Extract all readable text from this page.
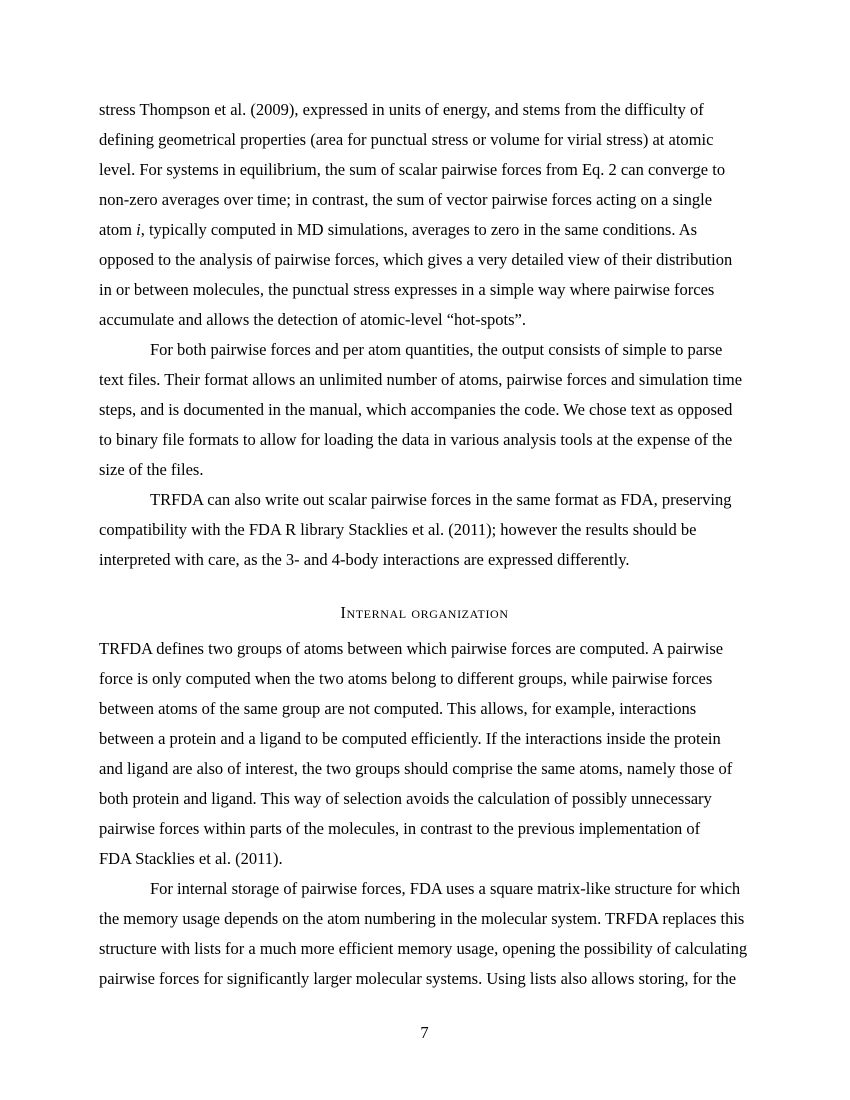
stress Thompson et al. (2009), expressed in units of energy, and stems from the difficulty of
defining geometrical properties (area for punctual stress or volume for virial stress) at atomic
level. For systems in equilibrium, the sum of scalar pairwise forces from Eq. 2 can converge to
non-zero averages over time; in contrast, the sum of vector pairwise forces acting on a single
atom i, typically computed in MD simulations, averages to zero in the same conditions. As
opposed to the analysis of pairwise forces, which gives a very detailed view of their distribution
in or between molecules, the punctual stress expresses in a simple way where pairwise forces
accumulate and allows the detection of atomic-level “hot-spots”.

For both pairwise forces and per atom quantities, the output consists of simple to parse
text files. Their format allows an unlimited number of atoms, pairwise forces and simulation time
steps, and is documented in the manual, which accompanies the code. We chose text as opposed
to binary file formats to allow for loading the data in various analysis tools at the expense of the
size of the files.

TRFDA can also write out scalar pairwise forces in the same format as FDA, preserving
compatibility with the FDA R library Stacklies et al. (2011); however the results should be
interpreted with care, as the 3- and 4-body interactions are expressed differently.

Internal organization

TRFDA defines two groups of atoms between which pairwise forces are computed. A pairwise
force is only computed when the two atoms belong to different groups, while pairwise forces
between atoms of the same group are not computed. This allows, for example, interactions
between a protein and a ligand to be computed efficiently. If the interactions inside the protein
and ligand are also of interest, the two groups should comprise the same atoms, namely those of
both protein and ligand. This way of selection avoids the calculation of possibly unnecessary
pairwise forces within parts of the molecules, in contrast to the previous implementation of
FDA Stacklies et al. (2011).

For internal storage of pairwise forces, FDA uses a square matrix-like structure for which
the memory usage depends on the atom numbering in the molecular system. TRFDA replaces this
structure with lists for a much more efficient memory usage, opening the possibility of calculating
pairwise forces for significantly larger molecular systems. Using lists also allows storing, for the

7
